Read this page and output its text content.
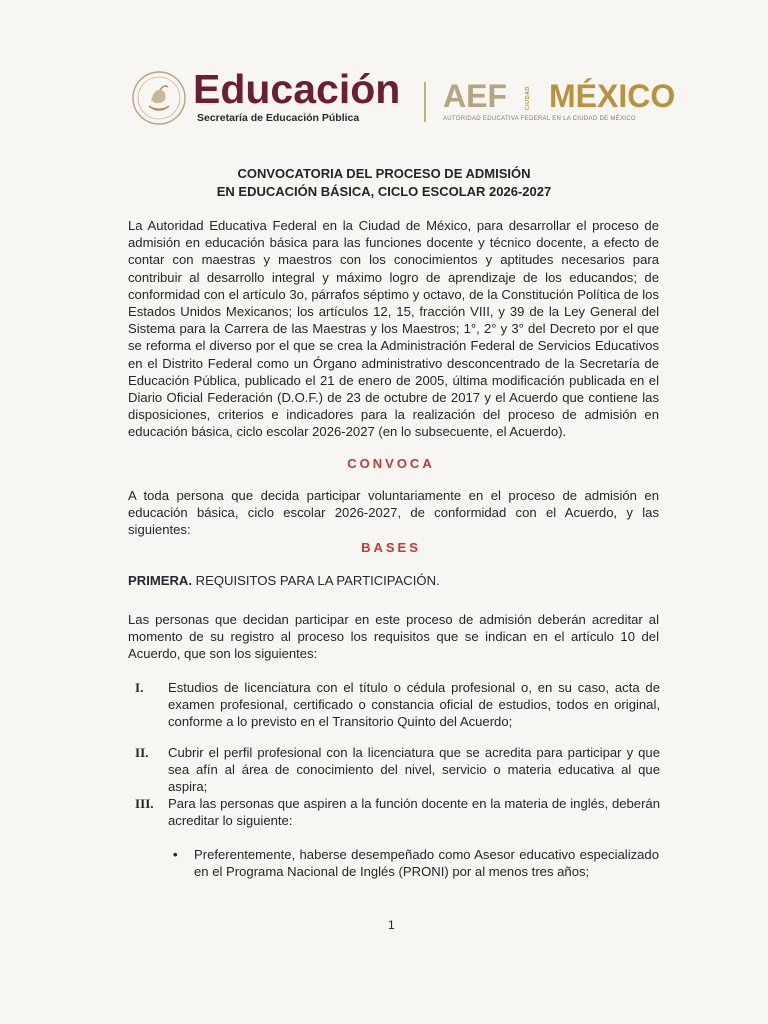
Educación
Secretaría de Educación Pública
AEF	CIUDAD MÉXICO
AUTORIDAD EDUCATIVA FEDERAL EN LA CIUDAD DE MÉXICO
CONVOCATORIA DEL PROCESO DE ADMISIÓN
EN EDUCACIÓN BÁSICA, CICLO ESCOLAR 2026-2027
La Autoridad Educativa Federal en la Ciudad de México, para desarrollar el proceso de admisión en educación básica para las funciones docente y técnico docente, a efecto de contar con maestras y maestros con los conocimientos y aptitudes necesarios para contribuir al desarrollo integral y máximo logro de aprendizaje de los educandos; de conformidad con el artículo 3o, párrafos séptimo y octavo, de la Constitución Política de los Estados Unidos Mexicanos; los artículos 12, 15, fracción VIII, y 39 de la Ley General del Sistema para la Carrera de las Maestras y los Maestros; 1°, 2° y 3° del Decreto por el que se reforma el diverso por el que se crea la Administración Federal de Servicios Educativos en el Distrito Federal como un Órgano administrativo desconcentrado de la Secretaría de Educación Pública, publicado el 21 de enero de 2005, última modificación publicada en el Diario Oficial Federación (D.O.F.) de 23 de octubre de 2017 y el Acuerdo que contiene las disposiciones, criterios e indicadores para la realización del proceso de admisión en educación básica, ciclo escolar 2026-2027 (en lo subsecuente, el Acuerdo).
CONVOCA
A toda persona que decida participar voluntariamente en el proceso de admisión en educación básica, ciclo escolar 2026-2027, de conformidad con el Acuerdo, y las siguientes:
BASES
PRIMERA. REQUISITOS PARA LA PARTICIPACIÓN.
Las personas que decidan participar en este proceso de admisión deberán acreditar al momento de su registro al proceso los requisitos que se indican en el artículo 10 del Acuerdo, que son los siguientes:
I.	Estudios de licenciatura con el título o cédula profesional o, en su caso, acta de examen profesional, certificado o constancia oficial de estudios, todos en original, conforme a lo previsto en el Transitorio Quinto del Acuerdo;
II.	Cubrir el perfil profesional con la licenciatura que se acredita para participar y que sea afín al área de conocimiento del nivel, servicio o materia educativa al que aspira;
III.	Para las personas que aspiren a la función docente en la materia de inglés, deberán acreditar lo siguiente:
• Preferentemente, haberse desempeñado como Asesor educativo especializado en el Programa Nacional de Inglés (PRONI) por al menos tres años;
1
